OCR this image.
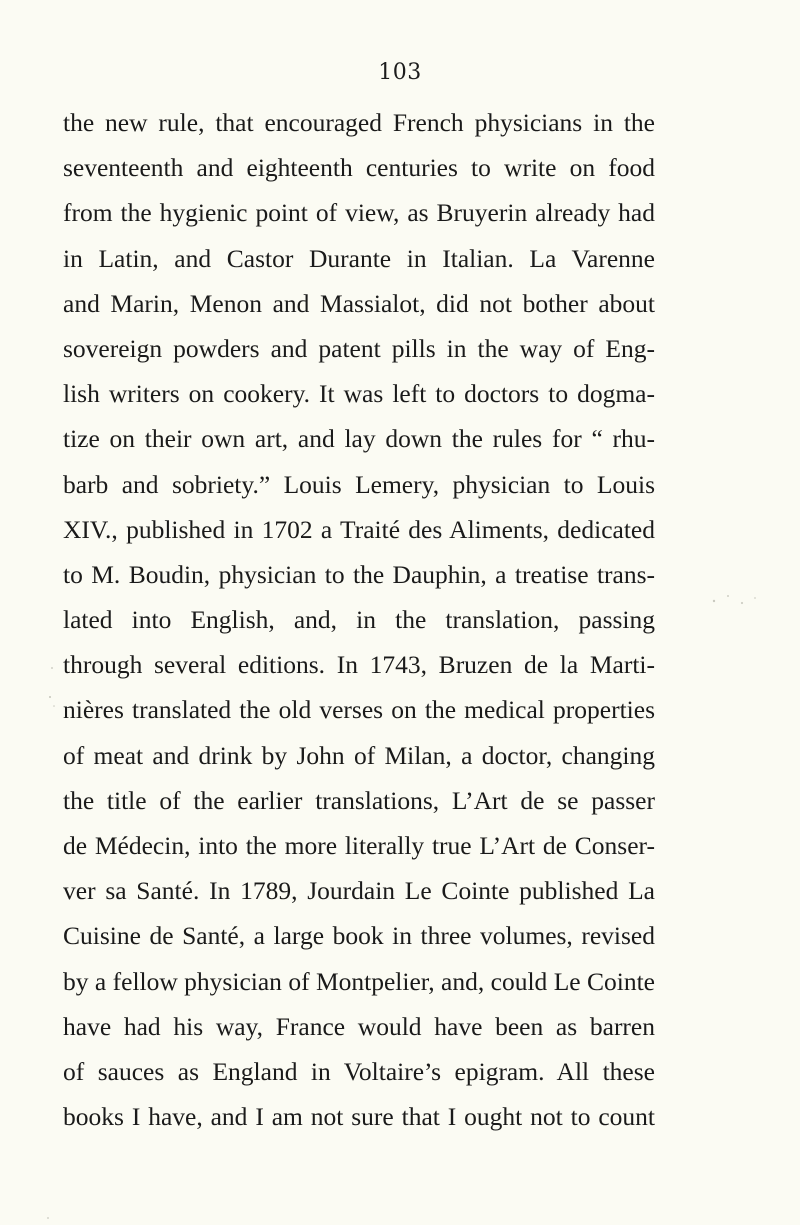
103
the new rule, that encouraged French physicians in the
seventeenth and eighteenth centuries to write on food
from the hygienic point of view, as Bruyerin already had
in Latin, and Castor Durante in Italian. La Varenne
and Marin, Menon and Massialot, did not bother about
sovereign powders and patent pills in the way of Eng-
lish writers on cookery. It was left to doctors to dogma-
tize on their own art, and lay down the rules for “ rhu-
barb and sobriety.” Louis Lemery, physician to Louis
XIV., published in 1702 a Traité des Aliments, dedicated
to M. Boudin, physician to the Dauphin, a treatise trans-
lated into English, and, in the translation, passing
through several editions. In 1743, Bruzen de la Marti-
nières translated the old verses on the medical properties
of meat and drink by John of Milan, a doctor, changing
the title of the earlier translations, L’Art de se passer
de Médecin, into the more literally true L’Art de Conser-
ver sa Santé. In 1789, Jourdain Le Cointe published La
Cuisine de Santé, a large book in three volumes, revised
by a fellow physician of Montpelier, and, could Le Cointe
have had his way, France would have been as barren
of sauces as England in Voltaire’s epigram. All these
books I have, and I am not sure that I ought not to count
